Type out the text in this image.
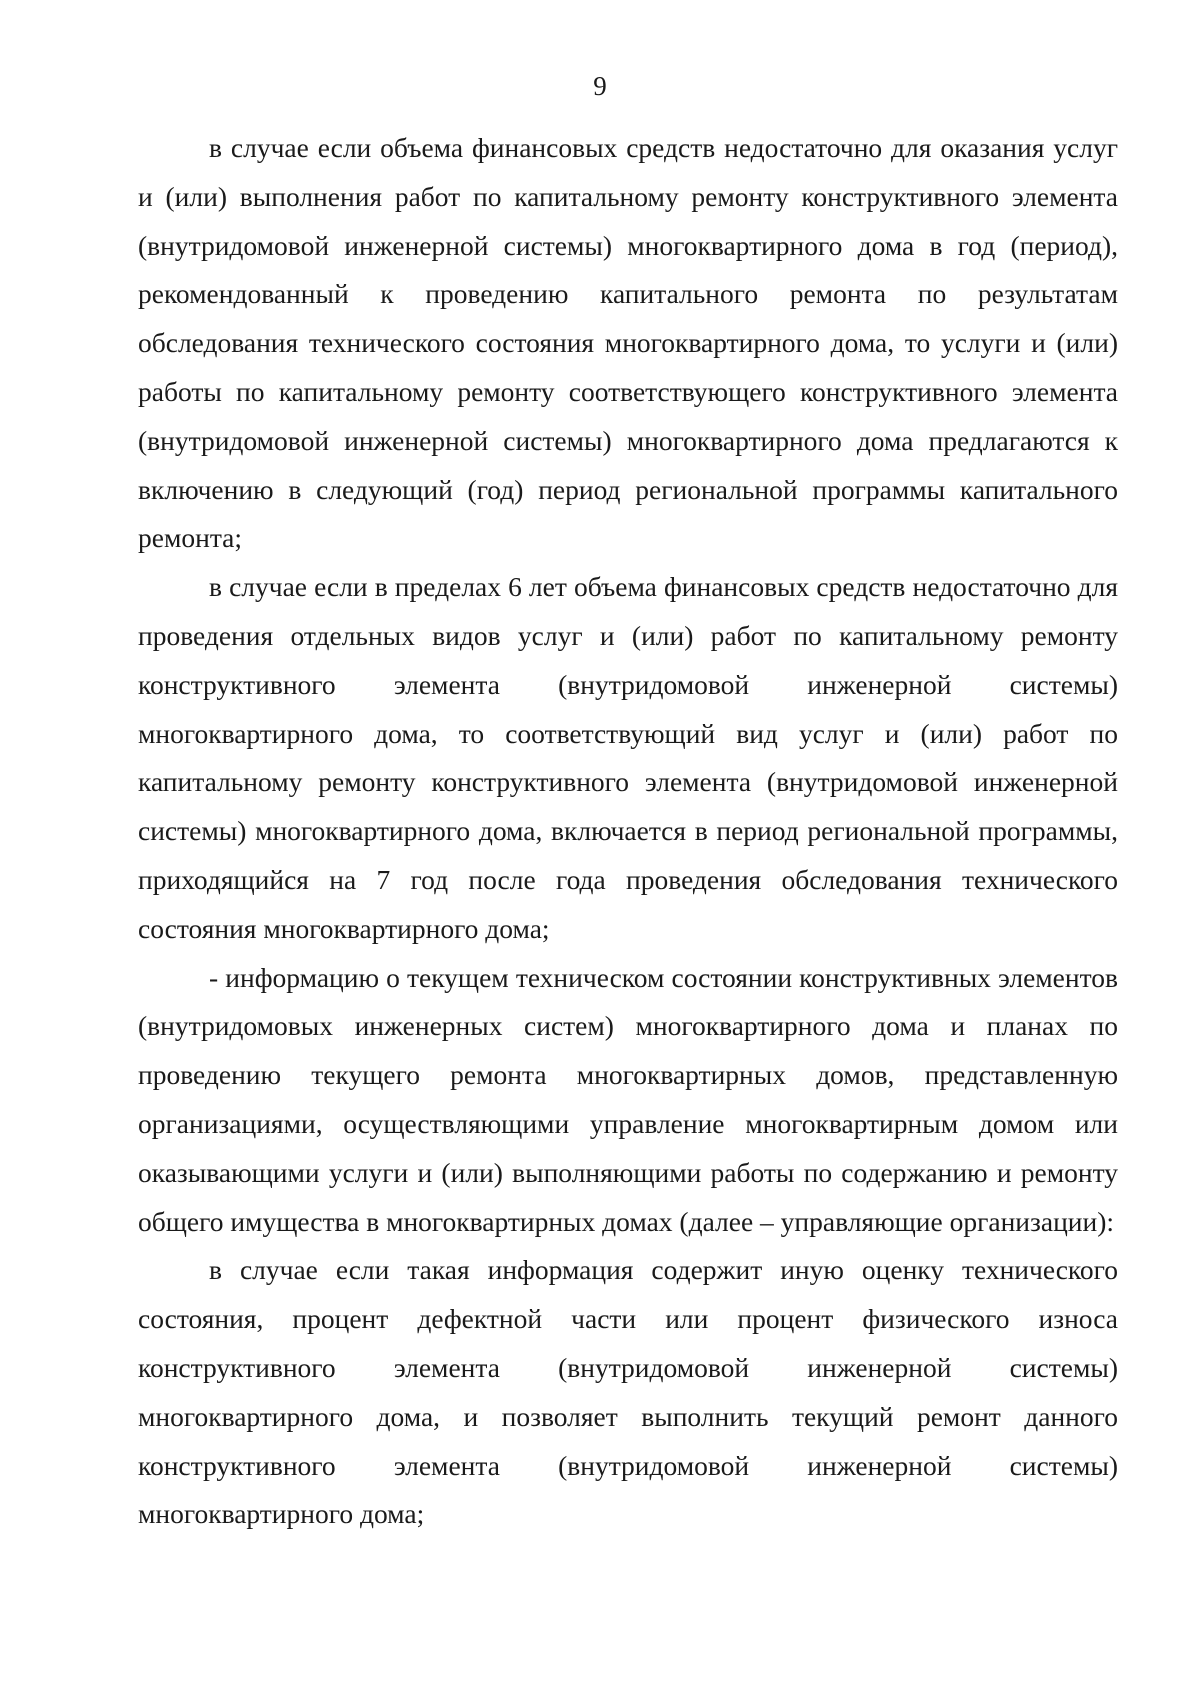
9

в случае если объема финансовых средств недостаточно для оказания услуг и (или) выполнения работ по капитальному ремонту конструктивного элемента (внутридомовой инженерной системы) многоквартирного дома в год (период), рекомендованный к проведению капитального ремонта по результатам обследования технического состояния многоквартирного дома, то услуги и (или) работы по капитальному ремонту соответствующего конструктивного элемента (внутридомовой инженерной системы) многоквартирного дома предлагаются к включению в следующий (год) период региональной программы капитального ремонта;

в случае если в пределах 6 лет объема финансовых средств недостаточно для проведения отдельных видов услуг и (или) работ по капитальному ремонту конструктивного элемента (внутридомовой инженерной системы) многоквартирного дома, то соответствующий вид услуг и (или) работ по капитальному ремонту конструктивного элемента (внутридомовой инженерной системы) многоквартирного дома, включается в период региональной программы, приходящийся на 7 год после года проведения обследования технического состояния многоквартирного дома;

- информацию о текущем техническом состоянии конструктивных элементов (внутридомовых инженерных систем) многоквартирного дома и планах по проведению текущего ремонта многоквартирных домов, представленную организациями, осуществляющими управление многоквартирным домом или оказывающими услуги и (или) выполняющими работы по содержанию и ремонту общего имущества в многоквартирных домах (далее – управляющие организации):

в случае если такая информация содержит иную оценку технического состояния, процент дефектной части или процент физического износа конструктивного элемента (внутридомовой инженерной системы) многоквартирного дома, и позволяет выполнить текущий ремонт данного конструктивного элемента (внутридомовой инженерной системы) многоквартирного дома;
